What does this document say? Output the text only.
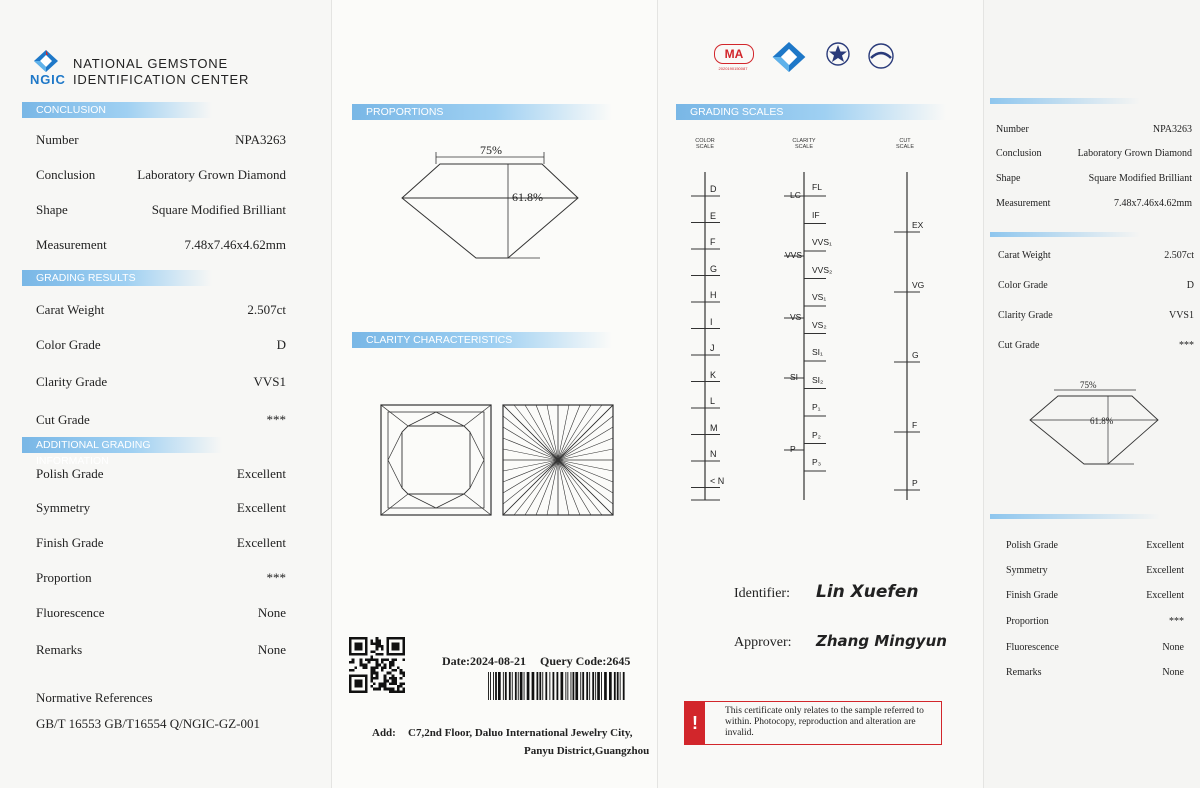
NATIONAL GEMSTONE
NGIC IDENTIFICATION CENTER
CONCLUSION
GRADING RESULTS
ADDITIONAL GRADING INFORMATION
Normative References
GB/T 16553 GB/T16554 Q/NGIC-GZ-001
Number	NPA3263
Conclusion	Laboratory Grown Diamond
Shape	Square Modified Brilliant
Measurement	7.48x7.46x4.62mm
Carat Weight	2.507ct
Color Grade	D
Clarity Grade	VVS1
Cut Grade	***
Polish Grade	Excellent
Symmetry	Excellent
Finish Grade	Excellent
Proportion	***
Fluorescence	None
Remarks	None
PROPORTIONS
75%
61.8%
CLARITY CHARACTERISTICS
Date:2024-08-21 Query Code:2645
Add: C7,2nd Floor, Daluo International Jewelry City,
Panyu District,Guangzhou
MA
2020190150087
GRADING SCALES
COLOR SCALE
CLARITY SCALE
CUT SCALE
D
E
F
G
H
I
J
K
L
M
N
< N
FL
IF
VVS₁
VVS₂
VS₁
VS₂
SI₁
SI₂
P₁
P₂
P₃
LC
VVS
VS
SI
P
EX
VG
G
F
P
Identifier: Lin Xuefen
Approver: Zhang Mingyun
!
This certificate only relates to the sample referred to within. Photocopy, reproduction and alteration are invalid.
75%
61.8%
Number	NPA3263
Conclusion	Laboratory Grown Diamond
Shape	Square Modified Brilliant
Measurement	7.48x7.46x4.62mm
Carat Weight	2.507ct
Color Grade	D
Clarity Grade	VVS1
Cut Grade	***
Polish Grade	Excellent
Symmetry	Excellent
Finish Grade	Excellent
Proportion	***
Fluorescence	None
Remarks	None
